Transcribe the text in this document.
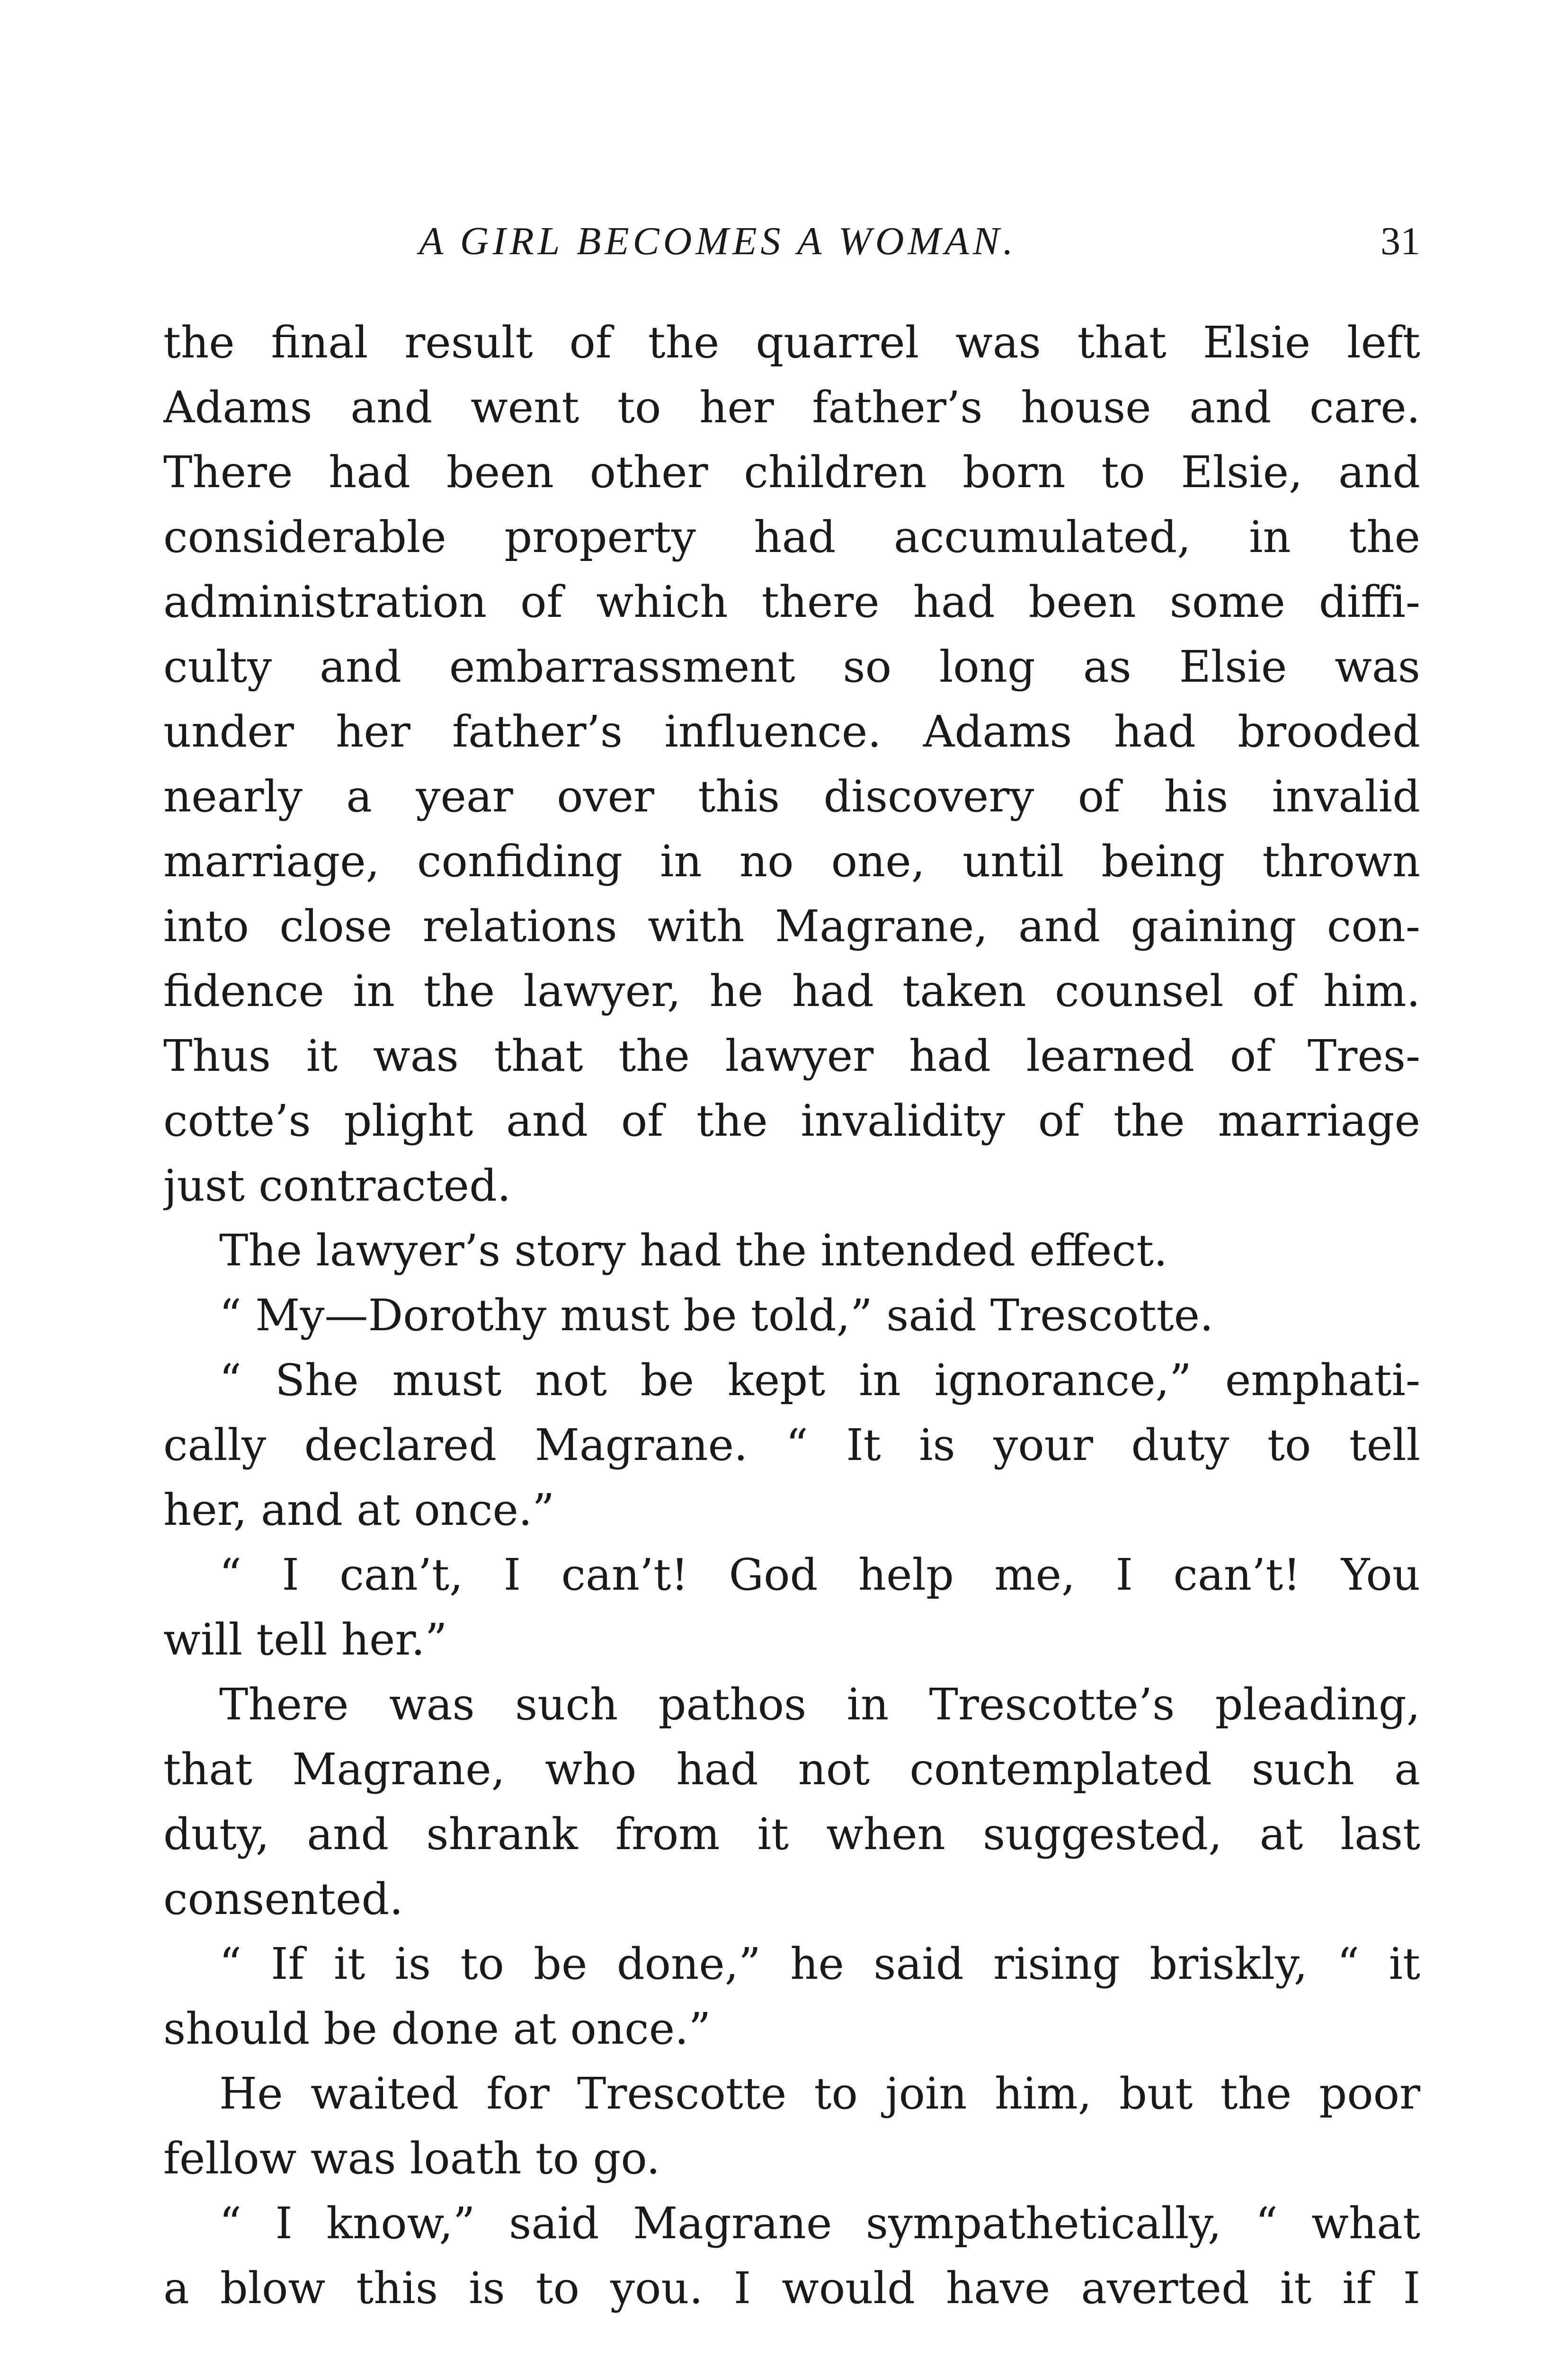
A GIRL BECOMES A WOMAN.	31
the final result of the quarrel was that Elsie left
Adams and went to her father’s house and care.
There had been other children born to Elsie, and
considerable property had accumulated, in the
administration of which there had been some diffi-
culty and embarrassment so long as Elsie was
under her father’s influence. Adams had brooded
nearly a year over this discovery of his invalid
marriage, confiding in no one, until being thrown
into close relations with Magrane, and gaining con-
fidence in the lawyer, he had taken counsel of him.
Thus it was that the lawyer had learned of Tres-
cotte’s plight and of the invalidity of the marriage
just contracted.
The lawyer’s story had the intended effect.
“ My—Dorothy must be told,” said Trescotte.
“ She must not be kept in ignorance,” emphati-
cally declared Magrane. “ It is your duty to tell
her, and at once.”
“ I can’t, I can’t! God help me, I can’t! You
will tell her.”
There was such pathos in Trescotte’s pleading,
that Magrane, who had not contemplated such a
duty, and shrank from it when suggested, at last
consented.
“ If it is to be done,” he said rising briskly, “ it
should be done at once.”
He waited for Trescotte to join him, but the poor
fellow was loath to go.
“ I know,” said Magrane sympathetically, “ what
a blow this is to you. I would have averted it if I
